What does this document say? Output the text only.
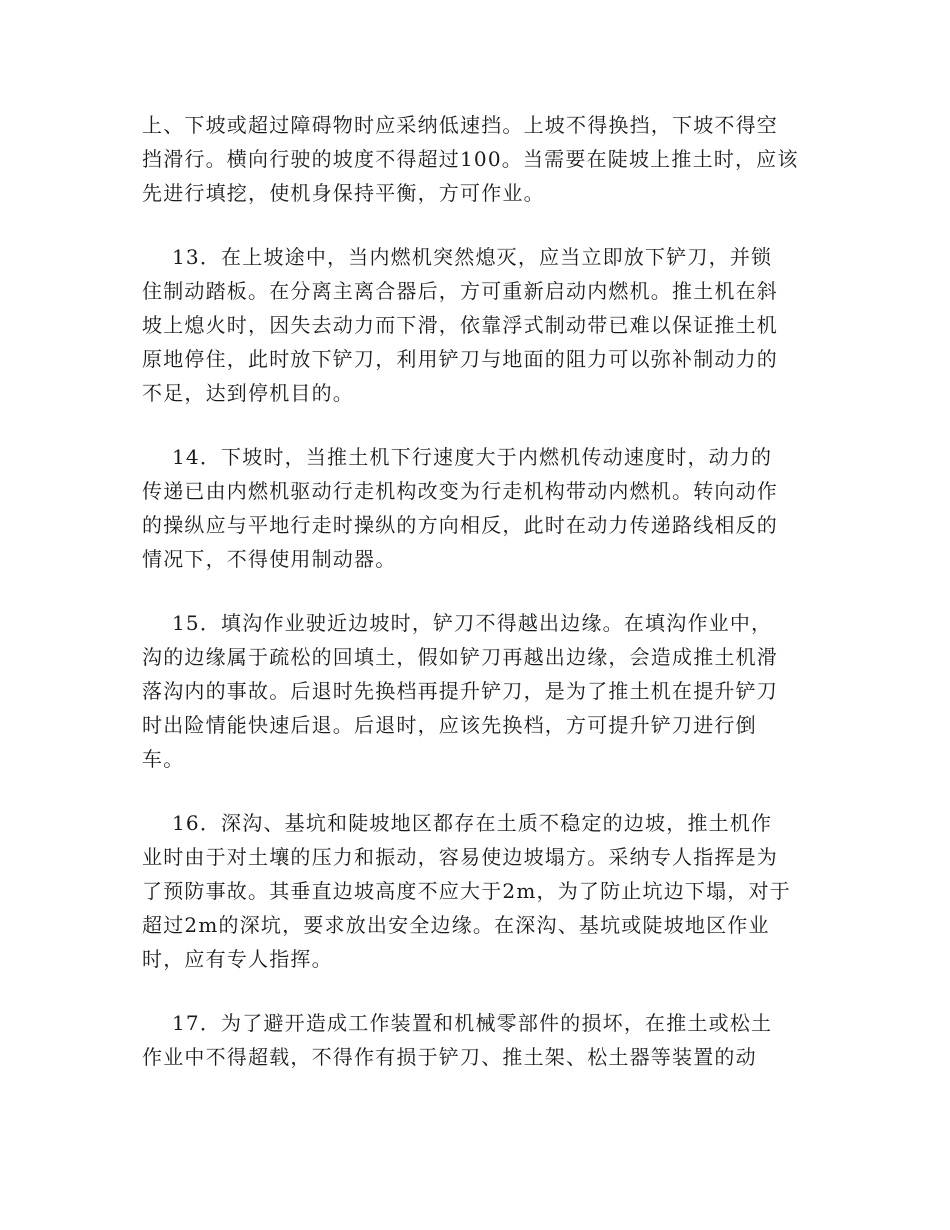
上、下坡或超过障碍物时应采纳低速挡。上坡不得换挡，下坡不得空
挡滑行。横向行驶的坡度不得超过100。当需要在陡坡上推土时，应该
先进行填挖，使机身保持平衡，方可作业。
13．在上坡途中，当内燃机突然熄灭，应当立即放下铲刀，并锁
住制动踏板。在分离主离合器后，方可重新启动内燃机。推土机在斜
坡上熄火时，因失去动力而下滑，依靠浮式制动带已难以保证推土机
原地停住，此时放下铲刀，利用铲刀与地面的阻力可以弥补制动力的
不足，达到停机目的。
14．下坡时，当推土机下行速度大于内燃机传动速度时，动力的
传递已由内燃机驱动行走机构改变为行走机构带动内燃机。转向动作
的操纵应与平地行走时操纵的方向相反，此时在动力传递路线相反的
情况下，不得使用制动器。
15．填沟作业驶近边坡时，铲刀不得越出边缘。在填沟作业中，
沟的边缘属于疏松的回填土，假如铲刀再越出边缘，会造成推土机滑
落沟内的事故。后退时先换档再提升铲刀，是为了推土机在提升铲刀
时出险情能快速后退。后退时，应该先换档，方可提升铲刀进行倒
车。
16．深沟、基坑和陡坡地区都存在土质不稳定的边坡，推土机作
业时由于对土壤的压力和振动，容易使边坡塌方。采纳专人指挥是为
了预防事故。其垂直边坡高度不应大于2m，为了防止坑边下塌，对于
超过2m的深坑，要求放出安全边缘。在深沟、基坑或陡坡地区作业
时，应有专人指挥。
17．为了避开造成工作装置和机械零部件的损坏，在推土或松土
作业中不得超载，不得作有损于铲刀、推土架、松土器等装置的动
